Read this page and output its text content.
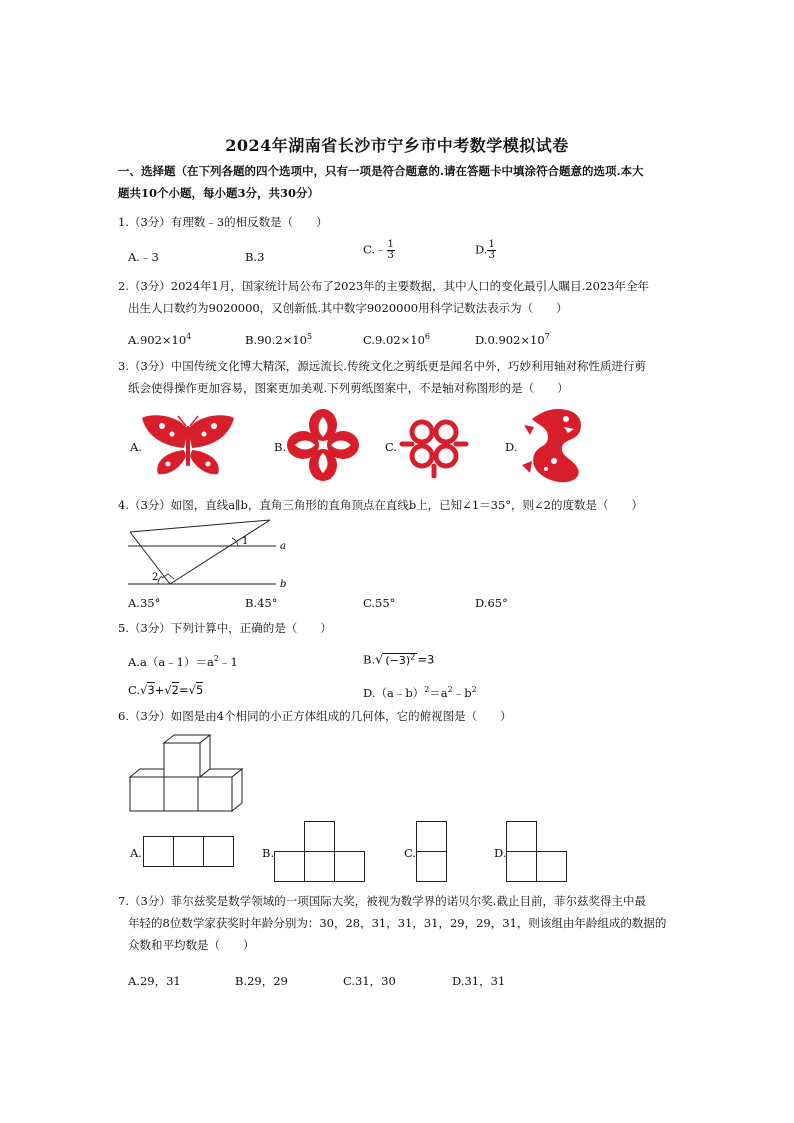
2024年湖南省长沙市宁乡市中考数学模拟试卷
一、选择题（在下列各题的四个选项中，只有一项是符合题意的.请在答题卡中填涂符合题意的选项.本大
题共10个小题，每小题3分，共30分）
1.（3分）有理数﹣3的相反数是（　　）
A.﹣3	B.3
C.﹣ $\frac{1}{3}$	D. $\frac{1}{3}$
2.（3分）2024年1月，国家统计局公布了2023年的主要数据，其中人口的变化最引人瞩目.2023年全年
出生人口数约为9020000，又创新低.其中数字9020000用科学记数法表示为（　　）
$A.902\times 10^4$	$B.90.2\times 10^5$	$C.9.02\times 10^6$	$D.0.902\times 10^7$
3.（3分）中国传统文化博大精深，源远流长.传统文化之剪纸更是闻名中外，巧妙利用轴对称性质进行剪
纸会使得操作更加容易，图案更加美观.下列剪纸图案中，不是轴对称图形的是（　　）
A.	B.	C.	D.
4.（3分）如图，直线a∥b，直角三角形的直角顶点在直线b上，已知∠1＝35°，则∠2的度数是（　　）
1
2
a
b
A.35°	B.45°	C.55°	D.65°
5.（3分）下列计算中，正确的是（　　）
$A.a(a﹣1)=a^2﹣1$	B.√ $(-3)^2 =3$
C.√3+√2=√5	$D.(a﹣b)^2=a^2﹣b^2$
6.（3分）如图是由4个相同的小正方体组成的几何体，它的俯视图是（　　）
A.	B.	C.	D.
7.（3分）菲尔兹奖是数学领域的一项国际大奖，被视为数学界的诺贝尔奖.截止目前，菲尔兹奖得主中最
年轻的8位数学家获奖时年龄分别为：30，28，31，31，31，29，29，31，则该组由年龄组成的数据的
众数和平均数是（　　）
A.29，31	B.29，29	C.31，30	D.31，31
